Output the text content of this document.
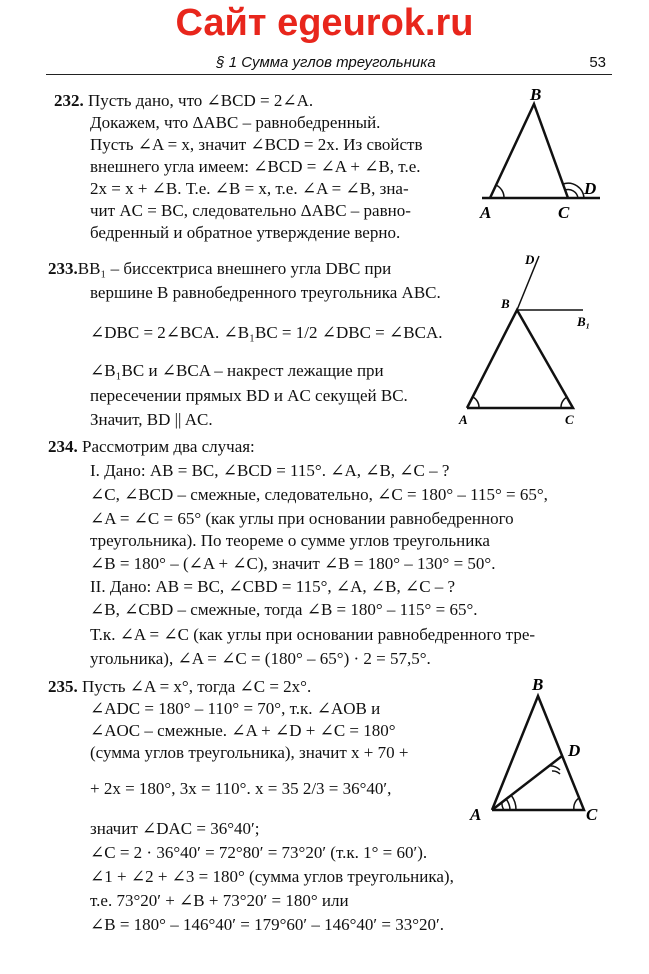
Сайт egeurok.ru
§ 1 Сумма углов треугольника	53
232. Пусть дано, что ∠BCD = 2∠A.
Докажем, что ΔABC – равнобедренный.
Пусть ∠A = x, значит ∠BCD = 2x. Из свойств
внешнего угла имеем: ∠BCD = ∠A + ∠B, т.е.
2x = x + ∠B. Т.е. ∠B = x, т.е. ∠A = ∠B, зна-
чит AC = BC, следовательно ΔABC – равно-
бедренный и обратное утверждение верно.
B
A	C
D
233.BB₁ – биссектриса внешнего угла DBC при
вершине B равнобедренного треугольника ABC.
∠DBC = 2∠BCA. ∠B₁BC = 1/2 ∠DBC = ∠BCA.
∠B₁BC и ∠BCA – накрест лежащие при
пересечении прямых BD и AC секущей BC.
Значит, BD || AC.
D
B
B₁
A	C
234. Рассмотрим два случая:
I. Дано: AB = BC, ∠BCD = 115°. ∠A, ∠B, ∠C – ?
∠C, ∠BCD – смежные, следовательно, ∠C = 180° – 115° = 65°,
∠A = ∠C = 65° (как углы при основании равнобедренного
треугольника). По теореме о сумме углов треугольника
∠B = 180° – (∠A + ∠C), значит ∠B = 180° – 130° = 50°.
II. Дано: AB = BC, ∠CBD = 115°, ∠A, ∠B, ∠C – ?
∠B, ∠CBD – смежные, тогда ∠B = 180° – 115° = 65°.
Т.к. ∠A = ∠C (как углы при основании равнобедренного тре-
угольника), ∠A = ∠C = (180° – 65°) · 2 = 57,5°.
235. Пусть ∠A = x°, тогда ∠C = 2x°.
∠ADC = 180° – 110° = 70°, т.к. ∠AOB и
∠AOC – смежные. ∠A + ∠D + ∠C = 180°
(сумма углов треугольника), значит x + 70 +
+ 2x = 180°, 3x = 110°. x = 35 2/3 = 36°40′,
значит ∠DAC = 36°40′;
∠C = 2 · 36°40′ = 72°80′ = 73°20′ (т.к. 1° = 60′).
∠1 + ∠2 + ∠3 = 180° (сумма углов треугольника),
т.е. 73°20′ + ∠B + 73°20′ = 180° или
∠B = 180° – 146°40′ = 179°60′ – 146°40′ = 33°20′.
B
D
A	C
